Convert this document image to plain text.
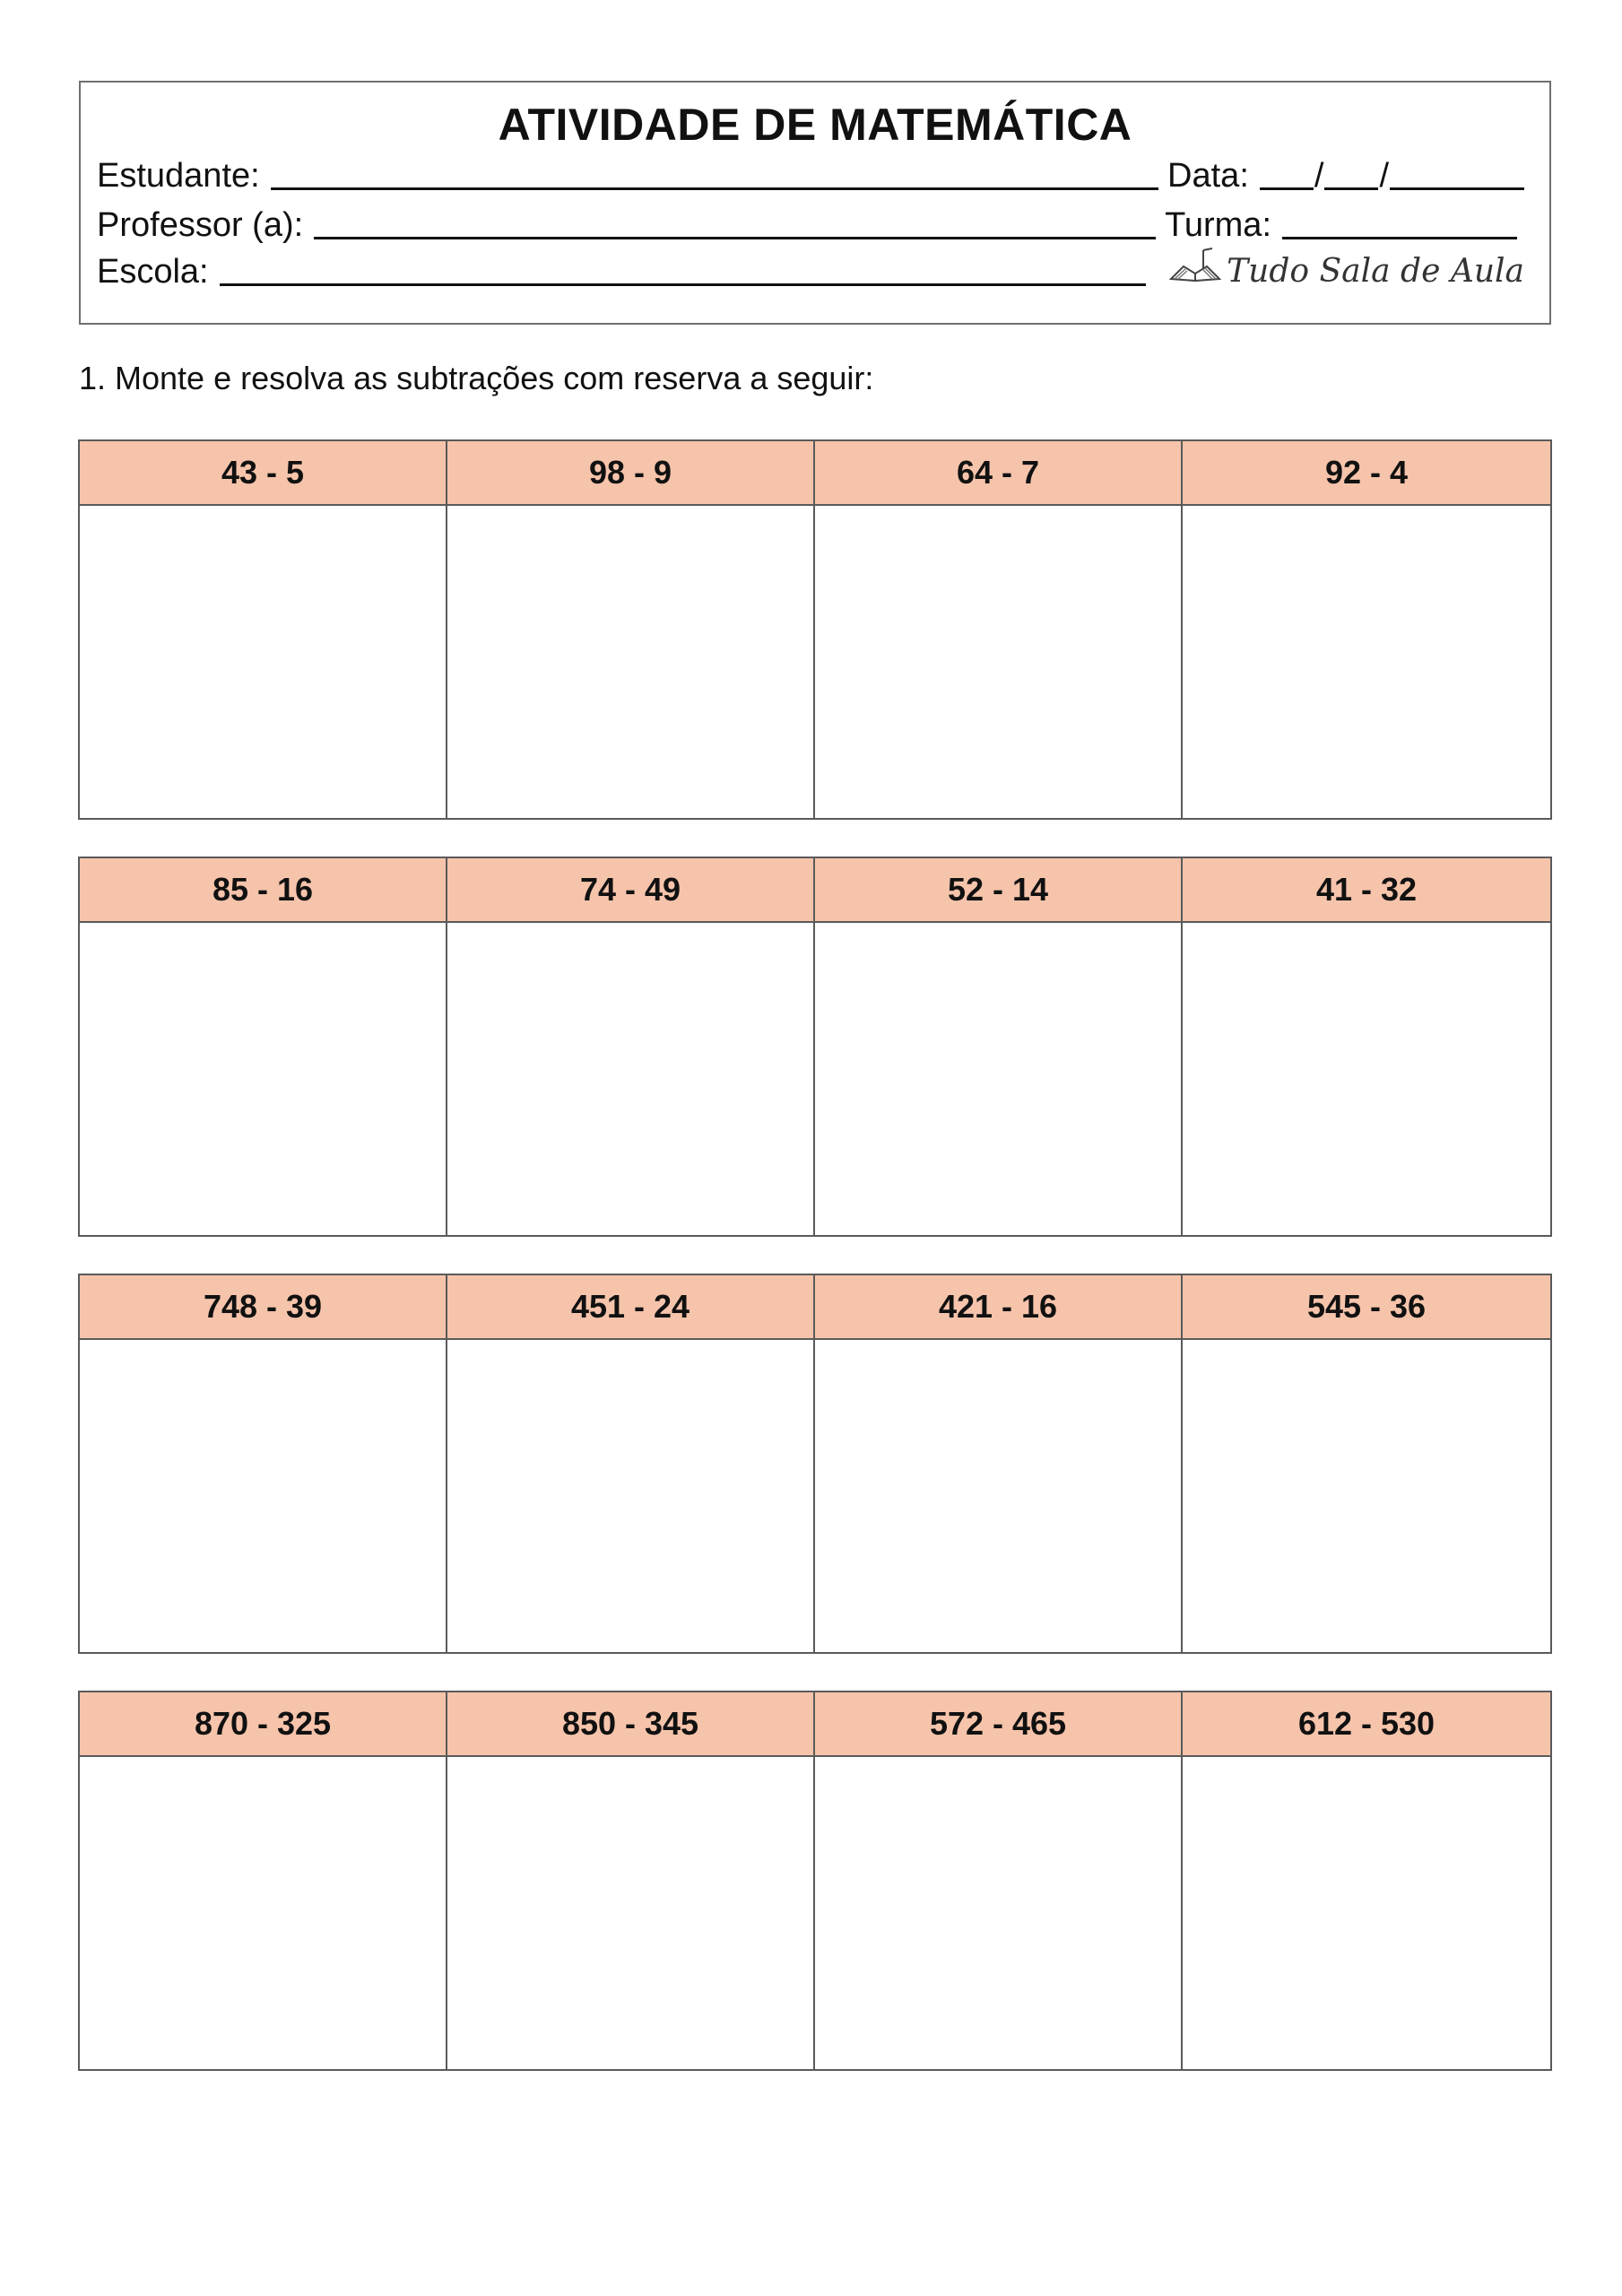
ATIVIDADE DE MATEMÁTICA
Estudante:	Data: / /
Professor (a):	Turma:
Escola:	Tudo Sala de Aula
1. Monte e resolva as subtrações com reserva a seguir:
43 - 5	98 - 9	64 - 7	92 - 4
85 - 16	74 - 49	52 - 14	41 - 32
748 - 39	451 - 24	421 - 16	545 - 36
870 - 325	850 - 345	572 - 465	612 - 530
